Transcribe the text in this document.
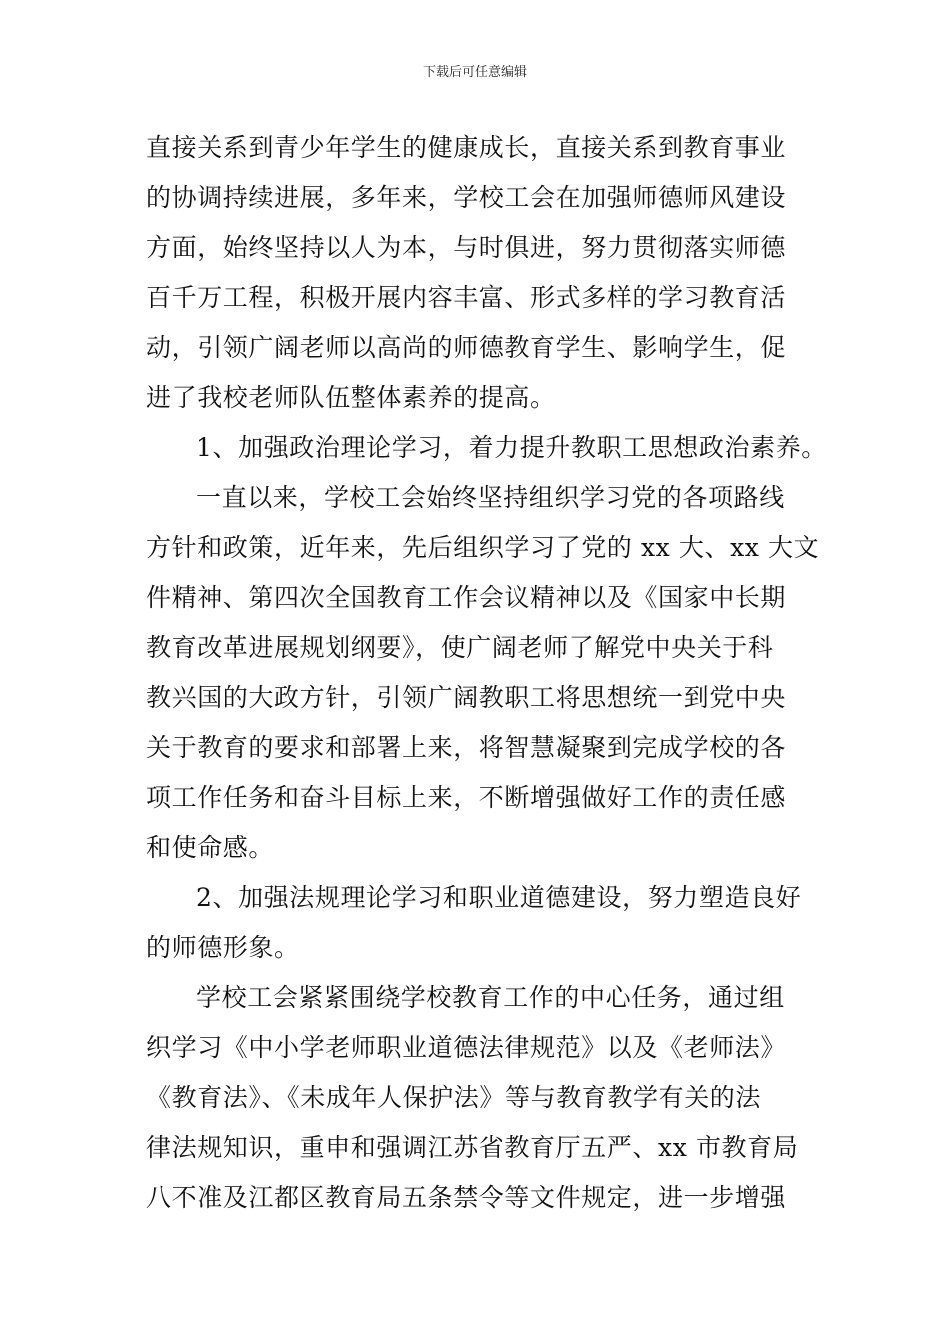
下载后可任意编辑
直接关系到青少年学生的健康成长，直接关系到教育事业
的协调持续进展，多年来，学校工会在加强师德师风建设
方面，始终坚持以人为本，与时俱进，努力贯彻落实师德
百千万工程，积极开展内容丰富、形式多样的学习教育活
动，引领广阔老师以高尚的师德教育学生、影响学生，促
进了我校老师队伍整体素养的提高。
1、加强政治理论学习，着力提升教职工思想政治素养。
一直以来，学校工会始终坚持组织学习党的各项路线
方针和政策，近年来，先后组织学习了党的 xx 大、xx 大文
件精神、第四次全国教育工作会议精神以及《国家中长期
教育改革进展规划纲要》，使广阔老师了解党中央关于科
教兴国的大政方针，引领广阔教职工将思想统一到党中央
关于教育的要求和部署上来，将智慧凝聚到完成学校的各
项工作任务和奋斗目标上来，不断增强做好工作的责任感
和使命感。
2、加强法规理论学习和职业道德建设，努力塑造良好
的师德形象。
学校工会紧紧围绕学校教育工作的中心任务，通过组
织学习《中小学老师职业道德法律规范》以及《老师法》
《教育法》、《未成年人保护法》等与教育教学有关的法
律法规知识，重申和强调江苏省教育厅五严、xx 市教育局
八不准及江都区教育局五条禁令等文件规定，进一步增强
